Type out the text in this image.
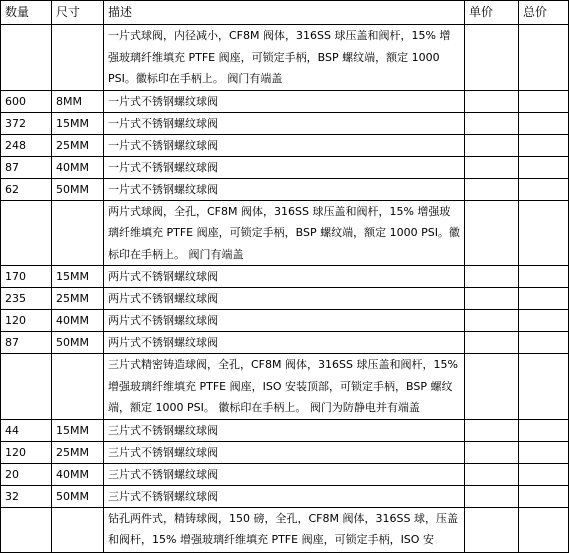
数量	尺寸	描述	单价	总价
		一片式球阀，内径减小，CF8M 阀体，316SS 球压盖和阀杆，15% 增强玻璃纤维填充 PTFE 阀座，可锁定手柄，BSP 螺纹端，额定 1000 PSI。徽标印在手柄上。 阀门有端盖		
600	8MM	一片式不锈钢螺纹球阀		
372	15MM	一片式不锈钢螺纹球阀		
248	25MM	一片式不锈钢螺纹球阀		
87	40MM	一片式不锈钢螺纹球阀		
62	50MM	一片式不锈钢螺纹球阀		
		两片式球阀，全孔，CF8M 阀体，316SS 球压盖和阀杆，15% 增强玻璃纤维填充 PTFE 阀座，可锁定手柄，BSP 螺纹端，额定 1000 PSI。徽标印在手柄上。 阀门有端盖		
170	15MM	两片式不锈钢螺纹球阀		
235	25MM	两片式不锈钢螺纹球阀		
120	40MM	两片式不锈钢螺纹球阀		
87	50MM	两片式不锈钢螺纹球阀		
		三片式精密铸造球阀，全孔，CF8M 阀体，316SS 球压盖和阀杆，15% 增强玻璃纤维填充 PTFE 阀座，ISO 安装顶部，可锁定手柄，BSP 螺纹端，额定 1000 PSI。 徽标印在手柄上。 阀门为防静电并有端盖		
44	15MM	三片式不锈钢螺纹球阀		
120	25MM	三片式不锈钢螺纹球阀		
20	40MM	三片式不锈钢螺纹球阀		
32	50MM	三片式不锈钢螺纹球阀		
		钻孔两件式，精铸球阀，150 磅，全孔，CF8M 阀体，316SS 球，压盖和阀杆，15% 增强玻璃纤维填充 PTFE 阀座，可锁定手柄，ISO 安		
